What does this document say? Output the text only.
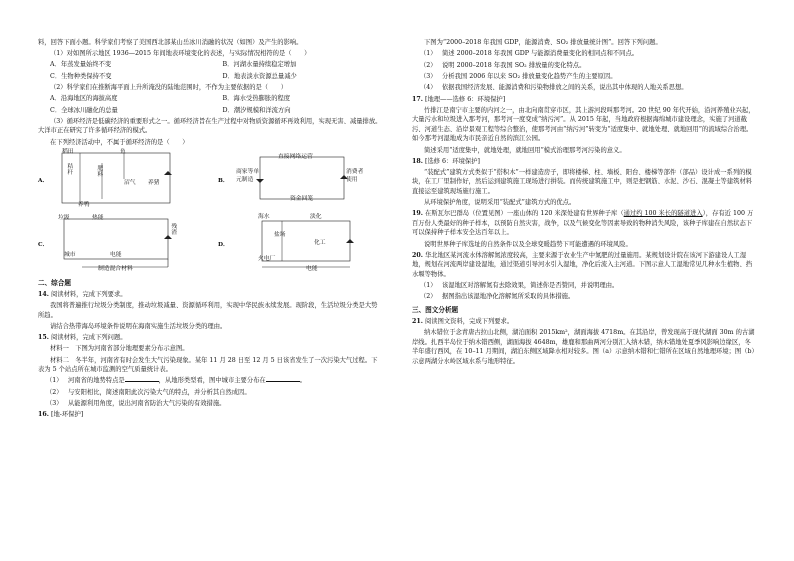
料，回答下面小题。科学家们考察了美国西北部某山岳冰川消融的状况（如图）及产生的影响。

（1）对如图所示地区 1936—2015 年间地表环境变化的表述，与实际情况相符的是（　　）

A．年蒸发量始终不变	B．河湖水量持续稳定增加
C．生物种类保持不变	D．地表淡水资源总量减少

（2）科学家们在推断海平面上升所淹没的陆地范围时，不作为主要依据的是（　　）

A．沿海地区的海拔高度	B．海水受热膨胀的程度
C．全球冰川融化的总量	D．潮汐规模和洋流方向

（3）循环经济是低碳经济的重要形式之一。循环经济旨在生产过程中对物质资源循环再效利用，实现无害、减量排放。大洋市正在研究了许多循环经济的模式。

在下列经济活动中，不属于循环经济的是（　　）

A．
稻田	鱼
秸秆	肥料
沼气 养猪
养鸭
B．
直接网络运营
商家等单元制造
消费者使用
资金回笼
C．
垃圾	热能
城市	电能
残渣
制造混合材料
D．
海水	淡化
盐场
化工
火电厂
电能
二、综合题

14. 阅读材料，完成下列要求。

我国将普遍推行垃圾分类制度，推动垃圾减量、资源循环利用，实现中华民族永续发展。现阶段，生活垃圾分类是大势所趋。

请结合热带海岛环境条件说明在海南实施生活垃圾分类的理由。

15. 阅读材料，完成下列问题。

材料一　下图为河南省部分地理要素分布示意图。

材料二　冬半年，河南省有时会发生大气污染现象。某年 11 月 28 日至 12 月 5 日该省发生了一次污染大气过程。下表为 5 个站点所在城市监测的空气质量统计表。

（1） 河南省的地势特点是	，从地形类型看，图中城市主要分布在	。
（2） 与安阳相比，简述南阳此次污染大气的特点，并分析其自然成因。
（3） 从能源利用角度，说出河南省防治大气污染的有效措施。

16. [地-环保护]

下图为“2000–2018 年我国 GDP，能源消费、SO₂ 排放量统计图”。回答下列问题。

（1） 简述 2000–2018 年我国 GDP 与能源消费量变化的相同点和不同点。
（2） 说明 2000–2018 年我国 SO₂ 排放量的变化特点。
（3） 分析我国 2006 年以来 SO₂ 排放量变化趋势产生的主要原因。
（4） 依据我国经济发展、能源消费和污染物排放之间的关系，说出其中体现的人地关系思想。

17. [地理——选修 6：环境保护]

竹排江是南宁市主要的内河之一，由北向南贯穿市区，其上游河段叫那考河。20 世纪 90 年代开始，沿河养殖业兴起，大量污水和垃圾进入那考河，那考河一度变成“纳污河”。从 2015 年起，当地政府根据海绵城市建设理念，实施了河道截污、河道生态、沿岸景观工程等综合整治，使那考河由“纳污河”转变为“适度集中、就地处理、就地回用”的流域综合治理。如今那考河湿地成为市民亲近自然的滨江公园。

简述采用“适度集中，就地处理，就地回用”模式治理那考河污染的意义。

18. [选修 6：环境保护]

“装配式”建筑方式类似于“搭积木”一样建造房子，即将楼梯、柱、墙板、阳台、楼梯等部件（部品）设计成一系列的模块，在工厂里制作好，然后运到建筑施工现场进行拼装。而传统建筑施工中，则是把钢筋、水泥、沙石、混凝土等建筑材料直接运至建筑现场施行施工。

从环境保护角度，说明采用“装配式”建筑方式的优点。

19. 在斯瓦尔巴群岛（位置见图）一座山体的 120 米深处建有世界种子库（通过约 100 米长的隧道进入），存有近 100 万百万份人类最好的种子样本，以预防自然灾害，战争，以及气候变化等因素导致的物种消失风险，该种子库建在自然状态下可以保持种子样本安全达百年以上。

说明世界种子库选址的自然条件以及全球变暖趋势下可能遭遇的环境风险。

20. 华北地区某河流水体溶解氮浓度较高，主要来源于农业生产中氮肥的过量施用。某规划设计院在该河下游建设人工湿地，规划在河流两岸建设湿地，通过渠道引导河水引入湿地，净化后流入主河道。下图示意人工湿地常见几种水生植物、挡水堰等物体。

（1） 该湿地区对溶解氮有去除效果，简述你是否赞同，并说明理由。
（2） 据图指出该湿地净化溶解氮所采取的具体措施。
三、图文分析题

21. 阅读图文资料，完成下列要求。

纳木错位于念青唐古拉山北侧，湖泊面积 2015km²，湖面海拔 4718m。在其沿岸，曾发现高于现代湖面 30m 的古湖岸线。扎西半岛位于纳木错西侧，湖面海拔 4648m，雄鹿和那曲两河分别汇入纳木错，纳木错地处夏季风影响边缘区，冬半年盛行西风，在 10–11 月期间，湖泊东侧区域降水相对较多。图（a）示意纳木错和仁错所在区域自然地理环境；图（b）示意两湖分水岭区域水系与地形特征。
